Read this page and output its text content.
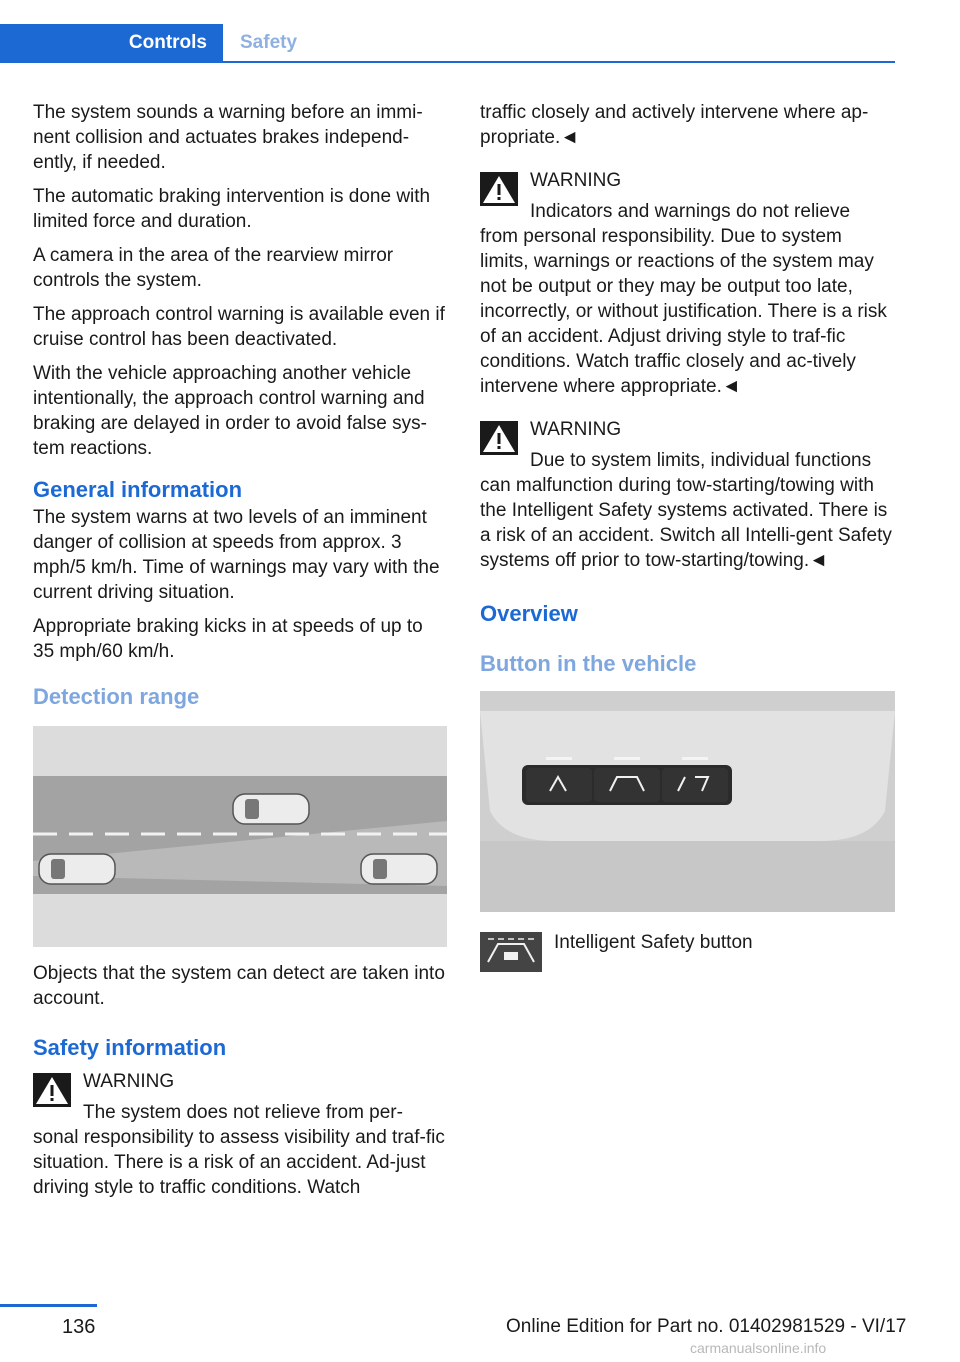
Controls	Safety

The system sounds a warning before an immi-nent collision and actuates brakes independ-ently, if needed.

The automatic braking intervention is done with limited force and duration.

A camera in the area of the rearview mirror controls the system.

The approach control warning is available even if cruise control has been deactivated.

With the vehicle approaching another vehicle intentionally, the approach control warning and braking are delayed in order to avoid false sys-tem reactions.

General information

The system warns at two levels of an imminent danger of collision at speeds from approx. 3 mph/5 km/h. Time of warnings may vary with the current driving situation.

Appropriate braking kicks in at speeds of up to 35 mph/60 km/h.

Detection range

Objects that the system can detect are taken into account.

Safety information
WARNING
The system does not relieve from per-
sonal responsibility to assess visibility and traf-fic situation. There is a risk of an accident. Ad-just driving style to traffic conditions. Watch

traffic closely and actively intervene where ap-propriate.◄

WARNING
Indicators and warnings do not relieve
from personal responsibility. Due to system limits, warnings or reactions of the system may not be output or they may be output too late, incorrectly, or without justification. There is a risk of an accident. Adjust driving style to traf-fic conditions. Watch traffic closely and ac-tively intervene where appropriate.◄
WARNING
Due to system limits, individual functions
can malfunction during tow-starting/towing with the Intelligent Safety systems activated. There is a risk of an accident. Switch all Intelli-gent Safety systems off prior to tow-starting/towing.◄
Overview
Button in the vehicle
Intelligent Safety button
136	Online Edition for Part no. 01402981529 - VI/17
carmanualsonline.info
